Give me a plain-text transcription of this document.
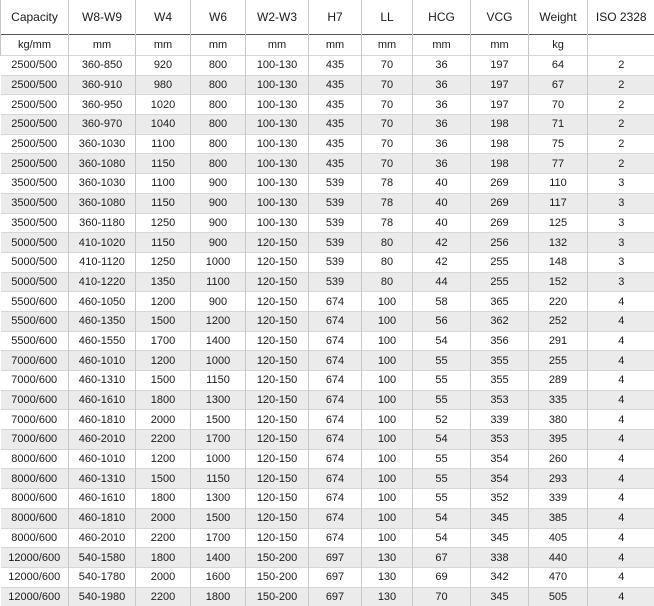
Capacity	W8-W9	W4	W6	W2-W3	H7	LL	HCG	VCG	Weight	ISO 2328
kg/mm	mm	mm	mm	mm	mm	mm	mm	mm	kg	
2500/500	360-850	920	800	100-130	435	70	36	197	64	2
2500/500	360-910	980	800	100-130	435	70	36	197	67	2
2500/500	360-950	1020	800	100-130	435	70	36	197	70	2
2500/500	360-970	1040	800	100-130	435	70	36	198	71	2
2500/500	360-1030	1100	800	100-130	435	70	36	198	75	2
2500/500	360-1080	1150	800	100-130	435	70	36	198	77	2
3500/500	360-1030	1100	900	100-130	539	78	40	269	110	3
3500/500	360-1080	1150	900	100-130	539	78	40	269	117	3
3500/500	360-1180	1250	900	100-130	539	78	40	269	125	3
5000/500	410-1020	1150	900	120-150	539	80	42	256	132	3
5000/500	410-1120	1250	1000	120-150	539	80	42	255	148	3
5000/500	410-1220	1350	1100	120-150	539	80	44	255	152	3
5500/600	460-1050	1200	900	120-150	674	100	58	365	220	4
5500/600	460-1350	1500	1200	120-150	674	100	56	362	252	4
5500/600	460-1550	1700	1400	120-150	674	100	54	356	291	4
7000/600	460-1010	1200	1000	120-150	674	100	55	355	255	4
7000/600	460-1310	1500	1150	120-150	674	100	55	355	289	4
7000/600	460-1610	1800	1300	120-150	674	100	55	353	335	4
7000/600	460-1810	2000	1500	120-150	674	100	52	339	380	4
7000/600	460-2010	2200	1700	120-150	674	100	54	353	395	4
8000/600	460-1010	1200	1000	120-150	674	100	55	354	260	4
8000/600	460-1310	1500	1150	120-150	674	100	55	354	293	4
8000/600	460-1610	1800	1300	120-150	674	100	55	352	339	4
8000/600	460-1810	2000	1500	120-150	674	100	54	345	385	4
8000/600	460-2010	2200	1700	120-150	674	100	54	345	405	4
12000/600	540-1580	1800	1400	150-200	697	130	67	338	440	4
12000/600	540-1780	2000	1600	150-200	697	130	69	342	470	4
12000/600	540-1980	2200	1800	150-200	697	130	70	345	505	4
